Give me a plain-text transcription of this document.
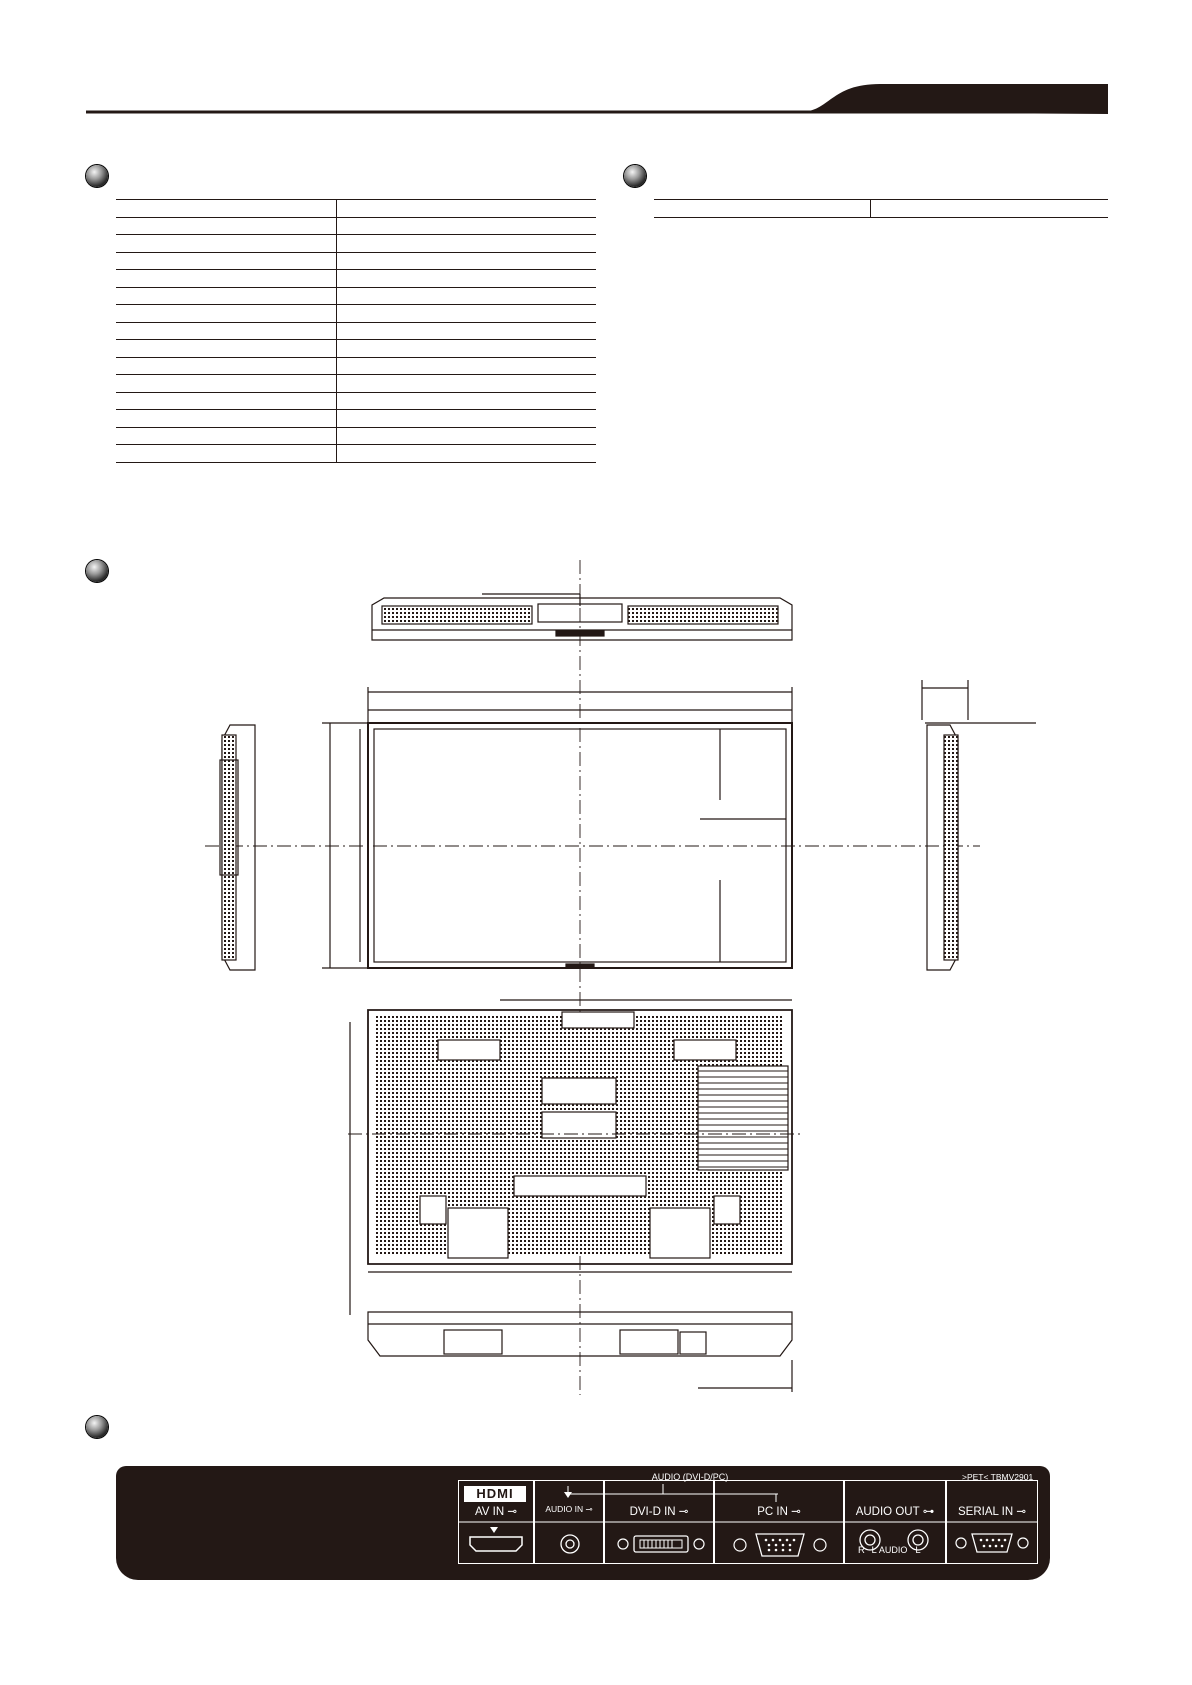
AUDIO (DVI-D/PC)	>PET< TBMV2901
HDMI
AV IN ⊸	AUDIO IN ⊸	DVI-D IN ⊸	PC IN ⊸	AUDIO OUT ⊶	SERIAL IN ⊸
R L AUDIO L
